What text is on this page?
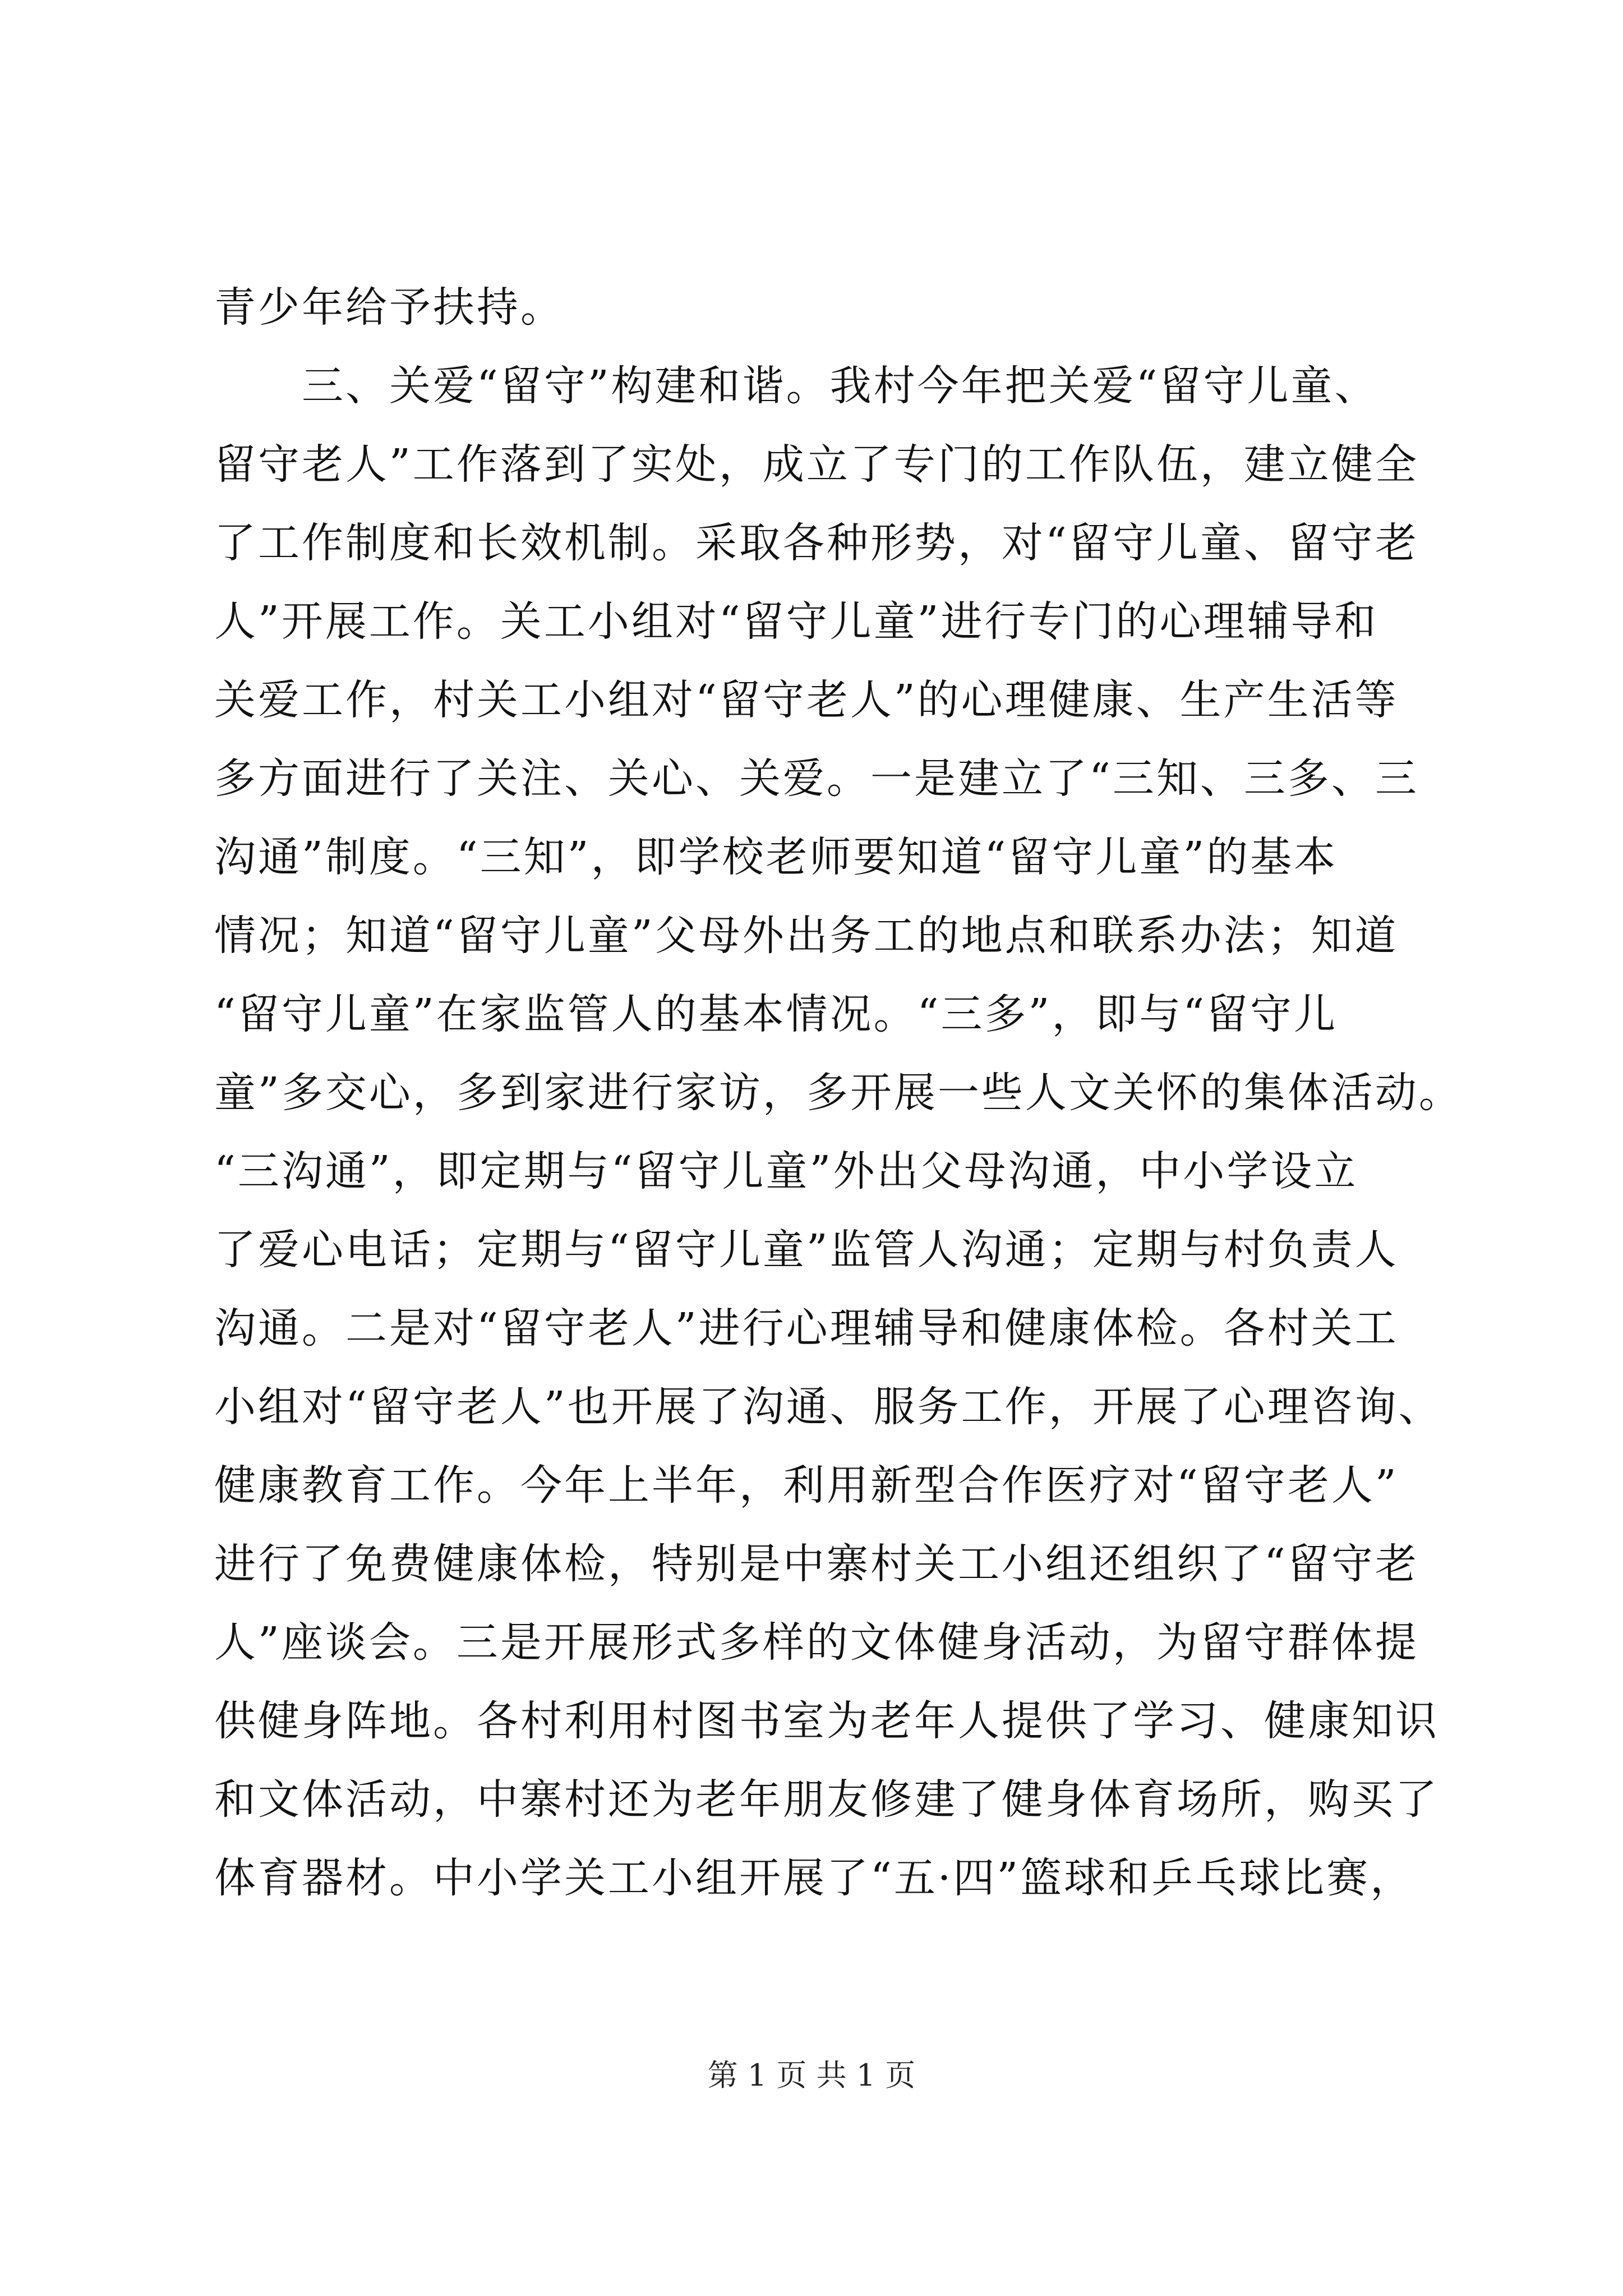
青少年给予扶持。
　　三、关爱“留守”构建和谐。我村今年把关爱“留守儿童、
留守老人”工作落到了实处，成立了专门的工作队伍，建立健全
了工作制度和长效机制。采取各种形势，对“留守儿童、留守老
人”开展工作。关工小组对“留守儿童”进行专门的心理辅导和
关爱工作，村关工小组对“留守老人”的心理健康、生产生活等
多方面进行了关注、关心、关爱。一是建立了“三知、三多、三
沟通”制度。“三知”，即学校老师要知道“留守儿童”的基本
情况；知道“留守儿童”父母外出务工的地点和联系办法；知道
“留守儿童”在家监管人的基本情况。“三多”，即与“留守儿
童”多交心，多到家进行家访，多开展一些人文关怀的集体活动。
“三沟通”，即定期与“留守儿童”外出父母沟通，中小学设立
了爱心电话；定期与“留守儿童”监管人沟通；定期与村负责人
沟通。二是对“留守老人”进行心理辅导和健康体检。各村关工
小组对“留守老人”也开展了沟通、服务工作，开展了心理咨询、
健康教育工作。今年上半年，利用新型合作医疗对“留守老人”
进行了免费健康体检，特别是中寨村关工小组还组织了“留守老
人”座谈会。三是开展形式多样的文体健身活动，为留守群体提
供健身阵地。各村利用村图书室为老年人提供了学习、健康知识
和文体活动，中寨村还为老年朋友修建了健身体育场所，购买了
体育器材。中小学关工小组开展了“五·四”篮球和乒乓球比赛，
第 1 页 共 1 页
